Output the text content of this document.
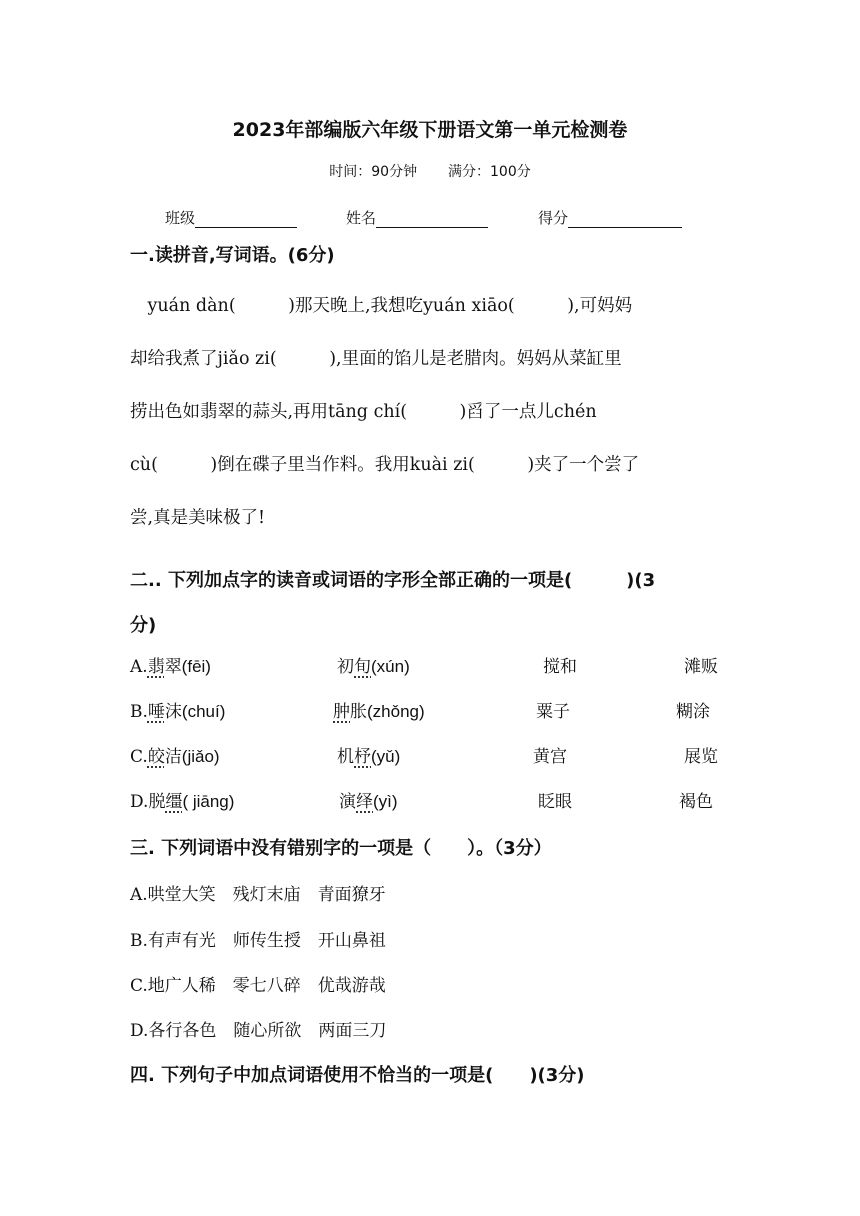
2023年部编版六年级下册语文第一单元检测卷
时间：90分钟 满分：100分
班级	姓名	得分
一.读拼音,写词语。(6分)
　yuán dàn(　　　)那天晚上,我想吃yuán xiāo(　　　),可妈妈
却给我煮了jiǎo zi(　　　),里面的馅儿是老腊肉。妈妈从菜缸里
捞出色如翡翠的蒜头,再用tāng chí(　　　)舀了一点儿chén
cù(　　　)倒在碟子里当作料。我用kuài zi(　　　)夹了一个尝了
尝,真是美味极了!
二.. 下列加点字的读音或词语的字形全部正确的一项是(　　　)(3
分)
A.翡翠(fēi)	初旬(xún)	搅和	滩贩
B.唾沫(chuí)	肿胀(zhǒng)	粟子	糊涂
C.皎洁(jiǎo)	机杼(yǔ)	黄宫	展览
D.脱缰( jiāng)	演绎(yì)	眨眼	褐色
三. 下列词语中没有错别字的一项是（　　）。（3分）
A.哄堂大笑　残灯末庙　青面獠牙
B.有声有光　师传生授　开山鼻祖
C.地广人稀　零七八碎　优哉游哉
D.各行各色　随心所欲　两面三刀
四. 下列句子中加点词语使用不恰当的一项是(　　)(3分)
